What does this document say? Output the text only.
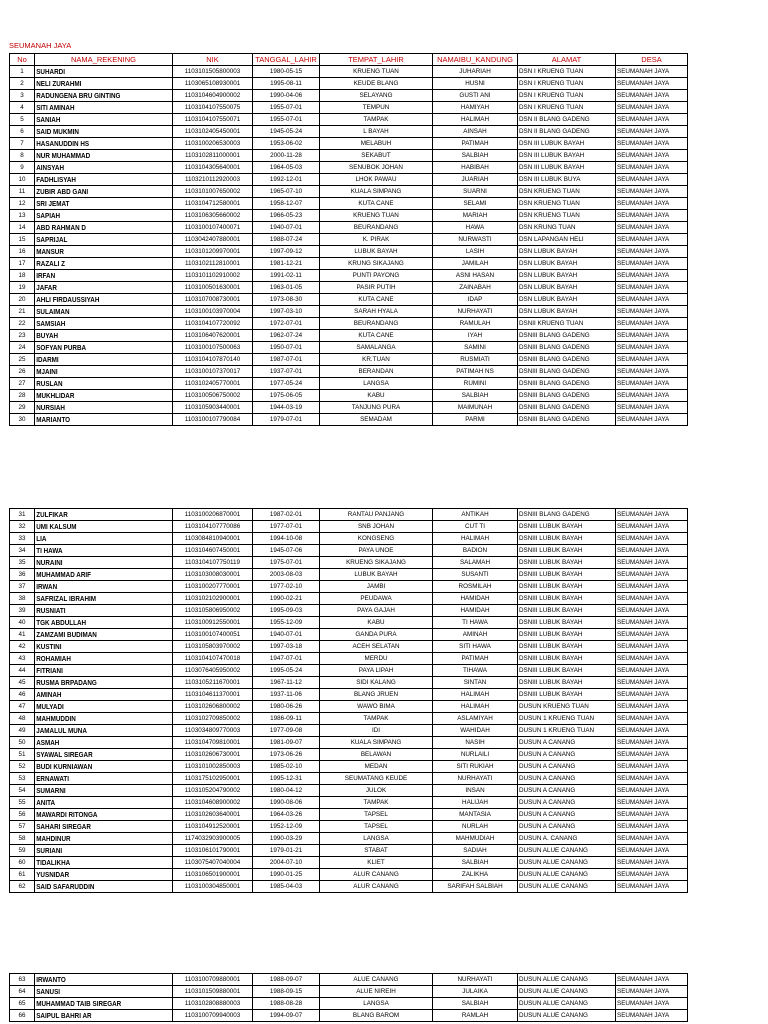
SEUMANAH JAYA
No	NAMA_REKENING	NIK	TANGGAL_LAHIR	TEMPAT_LAHIR	NAMAIBU_KANDUNG	ALAMAT	DESA
1	SUHARDI	1103101505800003	1980-05-15	KRUENG TUAN	JUHARIAH	DSN I KRUENG TUAN	SEUMANAH JAYA
2	NELI ZURAHMI	1103065108930001	1995-08-11	KEUDE BLANG	HUSNI	DSN I KRUENG TUAN	SEUMANAH JAYA
3	RADUNGENA BRU GINTING	1103104604900002	1990-04-06	SELAYANG	GUSTI ANI	DSN I KRUENG TUAN	SEUMANAH JAYA
4	SITI AMINAH	1103104107550075	1955-07-01	TEMPUN	HAMIYAH	DSN I KRUENG TUAN	SEUMANAH JAYA
5	SANIAH	1103104107550071	1955-07-01	TAMPAK	HALIMAH	DSN II BLANG GADENG	SEUMANAH JAYA
6	SAID MUKMIN	1103102405450001	1945-05-24	L BAYAH	AINSAH	DSN II BLANG GADENG	SEUMANAH JAYA
7	HASANUDDIN HS	1103100206530003	1953-06-02	MELABUH	PATIMAH	DSN III LUBUK BAYAH	SEUMANAH JAYA
8	NUR MUHAMMAD	1103102811000001	2000-11-28	SEKABUT	SALBIAH	DSN III LUBUK BAYAH	SEUMANAH JAYA
9	AINSYAH	1103104305640001	1964-05-03	SENUBOK JOHAN	HABIBAH	DSN III LUBUK BAYAH	SEUMANAH JAYA
10	FADHLISYAH	1103210112920003	1992-12-01	LHOK PAWAU	JUARIAH	DSN III LUBUK BUYA	SEUMANAH JAYA
11	ZUBIR ABD GANI	1103101007650002	1965-07-10	KUALA SIMPANG	SUARNI	DSN KRUENG TUAN	SEUMANAH JAYA
12	SRI JEMAT	1103104712580001	1958-12-07	KUTA CANE	SELAMI	DSN KRUENG TUAN	SEUMANAH JAYA
13	SAPIAH	1103106305660002	1966-05-23	KRUENG TUAN	MARIAH	DSN KRUENG TUAN	SEUMANAH JAYA
14	ABD RAHMAN D	1103100107400071	1940-07-01	BEURANDANG	HAWA	DSN KRUNG TUAN	SEUMANAH JAYA
15	SAPRIJAL	1103042407880001	1988-07-24	K. PIRAK	NURWASTI	DSN LAPANGAN HELI	SEUMANAH JAYA
16	MANSUR	1103101209970001	1997-09-12	LUBUK BAYAH	LASIH	DSN LUBUK BAYAH	SEUMANAH JAYA
17	RAZALI Z	1103102112810001	1981-12-21	KRUNG SIKAJANG	JAMILAH	DSN LUBUK BAYAH	SEUMANAH JAYA
18	IRFAN	1103101102910002	1991-02-11	PUNTI PAYONG	ASNI HASAN	DSN LUBUK BAYAH	SEUMANAH JAYA
19	JAFAR	1103100501630001	1963-01-05	PASIR PUTIH	ZAINABAH	DSN LUBUK BAYAH	SEUMANAH JAYA
20	AHLI FIRDAUSSIYAH	1103107008730001	1973-08-30	KUTA CANE	IDAP	DSN LUBUK BAYAH	SEUMANAH JAYA
21	SULAIMAN	1103100103970004	1997-03-10	SARAH HYALA	NURHAYATI	DSN LUBUK BAYAH	SEUMANAH JAYA
22	SAMSIAH	1103104107720092	1972-07-01	BEURANDANG	RAMULAH	DSNII KRUENG TUAN	SEUMANAH JAYA
23	BUYAH	1103106407620001	1962-07-24	KUTA CANE	IYAH	DSNIII BLANG GADENG	SEUMANAH JAYA
24	SOFYAN PURBA	1103100107500063	1950-07-01	SAMALANGA	SAMINI	DSNIII BLANG GADENG	SEUMANAH JAYA
25	IDARMI	1103104107870140	1987-07-01	KR.TUAN	RUSMIATI	DSNIII BLANG GADENG	SEUMANAH JAYA
26	MJAINI	1103100107370017	1937-07-01	BERANDAN	PATIMAH NS	DSNIII BLANG GADENG	SEUMANAH JAYA
27	RUSLAN	1103102405770001	1977-05-24	LANGSA	RUMINI	DSNIII BLANG GADENG	SEUMANAH JAYA
28	MUKHLIDAR	1103100506750002	1975-06-05	KABU	SALBIAH	DSNIII BLANG GADENG	SEUMANAH JAYA
29	NURSIAH	1103105903440001	1944-03-19	TANJUNG PURA	MAIMUNAH	DSNIII BLANG GADENG	SEUMANAH JAYA
30	MARIANTO	1103100107790084	1979-07-01	SEMADAM	PARMI	DSNIII BLANG GADENG	SEUMANAH JAYA
31	ZULFIKAR	1103100206870001	1987-02-01	RANTAU PANJANG	ANTIKAH	DSNIII BLANG GADENG	SEUMANAH JAYA
32	UMI KALSUM	1103104107770086	1977-07-01	SNB JOHAN	CUT TI	DSNIII LUBUK BAYAH	SEUMANAH JAYA
33	LIA	1103084810940001	1994-10-08	KONGSENG	HALIMAH	DSNIII LUBUK BAYAH	SEUMANAH JAYA
34	TI HAWA	1103104607450001	1945-07-06	PAYA UNOE	BADION	DSNIII LUBUK BAYAH	SEUMANAH JAYA
35	NURAINI	1103104107750119	1975-07-01	KRUENG SIKAJANG	SALAMAH	DSNIII LUBUK BAYAH	SEUMANAH JAYA
36	MUHAMMAD ARIF	1103103008030001	2003-08-03	LUBUK BAYAH	SUSANTI	DSNIII LUBUK BAYAH	SEUMANAH JAYA
37	IRWAN	1103100207770001	1977-02-10	JAMBI	ROSMILAH	DSNIII LUBUK BAYAH	SEUMANAH JAYA
38	SAFRIZAL IBRAHIM	1103102102900001	1990-02-21	PEUDAWA	HAMIDAH	DSNIII LUBUK BAYAH	SEUMANAH JAYA
39	RUSNIATI	1103105806950002	1995-09-03	PAYA GAJAH	HAMIDAH	DSNIII LUBUK BAYAH	SEUMANAH JAYA
40	TGK ABDULLAH	1103100912550001	1955-12-09	KABU	TI HAWA	DSNIII LUBUK BAYAH	SEUMANAH JAYA
41	ZAMZAMI BUDIMAN	1103100107400051	1940-07-01	GANDA PURA	AMINAH	DSNIII LUBUK BAYAH	SEUMANAH JAYA
42	KUSTINI	1103105803970002	1997-03-18	ACEH SELATAN	SITI HAWA	DSNIII LUBUK BAYAH	SEUMANAH JAYA
43	ROHAMIAH	1103104107470018	1947-07-01	MERDU	PATIMAH	DSNIII LUBUK BAYAH	SEUMANAH JAYA
44	FITRIANI	1103076405950002	1995-05-24	PAYA LIPAH	TIHAWA	DSNIII LUBUK BAYAH	SEUMANAH JAYA
45	RUSMA BRPADANG	1103105211670001	1967-11-12	SIDI KALANG	SINTAN	DSNIII LUBUK BAYAH	SEUMANAH JAYA
46	AMINAH	1103104611370001	1937-11-06	BLANG JRUEN	HALIMAH	DSNIII LUBUK BAYAH	SEUMANAH JAYA
47	MULYADI	1103102606800002	1980-06-26	WAWO BIMA	HALIMAH	DUSUN KRUENG TUAN	SEUMANAH JAYA
48	MAHMUDDIN	1103102709850002	1986-09-11	TAMPAK	ASLAMIYAH	DUSUN 1 KRUENG TUAN	SEUMANAH JAYA
49	JAMALUL MUNA	1103034809770003	1977-09-08	IDI	WAHIDAH	DUSUN 1 KRUENG TUAN	SEUMANAH JAYA
50	ASMAH	1103104709810001	1981-09-07	KUALA SIMPANG	NASIH	DUSUN A CANANG	SEUMANAH JAYA
51	SYAWAL SIREGAR	1103102606730001	1973-06-26	BELAWAN	NURLAILI	DUSUN A CANANG	SEUMANAH JAYA
52	BUDI KURNIAWAN	1103101002850003	1985-02-10	MEDAN	SITI RUKIAH	DUSUN A CANANG	SEUMANAH JAYA
53	ERNAWATI	1103175102950001	1995-12-31	SEUMATANG KEUDE	NURHAYATI	DUSUN A CANANG	SEUMANAH JAYA
54	SUMARNI	1103105204790002	1980-04-12	JULOK	INSAN	DUSUN A CANANG	SEUMANAH JAYA
55	ANITA	1103104608900002	1990-08-06	TAMPAK	HALIJAH	DUSUN A CANANG	SEUMANAH JAYA
56	MAWARDI RITONGA	1103102603640001	1964-03-26	TAPSEL	MANTASIA	DUSUN A CANANG	SEUMANAH JAYA
57	SAHARI SIREGAR	1103104912520001	1952-12-09	TAPSEL	NURLAH	DUSUN A CANANG	SEUMANAH JAYA
58	MAHDINUR	1174032903900005	1990-03-29	LANGSA	MAHMUDIAH	DUSUN A. CANANG	SEUMANAH JAYA
59	SURIANI	1103106101790001	1979-01-21	STABAT	SADIAH	DUSUN ALUE CANANG	SEUMANAH JAYA
60	TIDALIKHA	1103075407040004	2004-07-10	KLIET	SALBIAH	DUSUN ALUE CANANG	SEUMANAH JAYA
61	YUSNIDAR	1103106501900001	1990-01-25	ALUR CANANG	ZALIKHA	DUSUN ALUE CANANG	SEUMANAH JAYA
62	SAID SAFARUDDIN	1103100304850001	1985-04-03	ALUR CANANG	SARIFAH SALBIAH	DUSUN ALUE CANANG	SEUMANAH JAYA
63	IRWANTO	1103100709880001	1988-09-07	ALUE CANANG	NURHAYATI	DUSUN ALUE CANANG	SEUMANAH JAYA
64	SANUSI	1103101509880001	1988-09-15	ALUE NIREIH	JULAIKA	DUSUN ALUE CANANG	SEUMANAH JAYA
65	MUHAMMAD TAIB SIREGAR	1103102808880003	1988-08-28	LANGSA	SALBIAH	DUSUN ALUE CANANG	SEUMANAH JAYA
66	SAIPUL BAHRI AR	1103100709940003	1994-09-07	BLANG BAROM	RAMLAH	DUSUN ALUE CANANG	SEUMANAH JAYA
